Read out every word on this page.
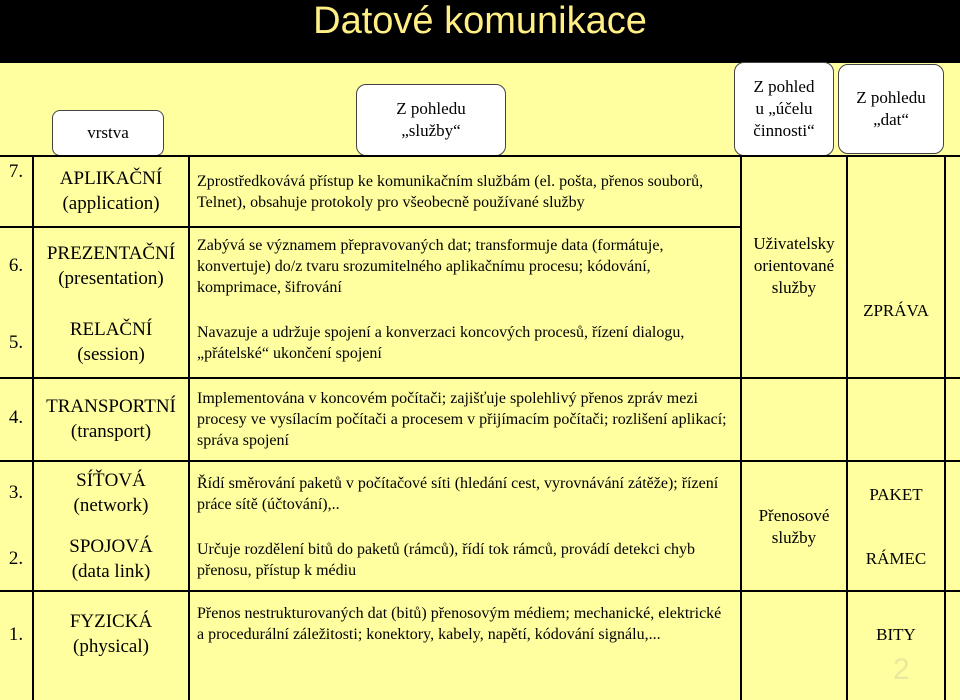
Datové komunikace
vrstva
Z pohledu
„služby“
Z pohled
u „účelu
činnosti“
Z pohledu
„dat“
7.	APLIKAČNÍ
(application)
Zprostředkovává přístup ke komunikačním službám (el. pošta, přenos souborů, Telnet), obsahuje protokoly pro všeobecně používané služby
6.
PREZENTAČNÍ
(presentation)
Zabývá se významem přepravovaných dat; transformuje data (formátuje, konvertuje) do/z tvaru srozumitelného aplikačnímu procesu; kódování, komprimace, šifrování
5.
RELAČNÍ
(session)
Navazuje a udržuje spojení a konverzaci koncových procesů, řízení dialogu, „přátelské“ ukončení spojení
4.
TRANSPORTNÍ
(transport)
Implementována v koncovém počítači; zajišťuje spolehlivý přenos zpráv mezi procesy ve vysílacím počítači a procesem v přijímacím počítači; rozlišení aplikací; správa spojení
3.
SÍŤOVÁ
(network)
Řídí směrování paketů v počítačové síti (hledání cest, vyrovnávání zátěže); řízení práce sítě (účtování),..
2.
SPOJOVÁ
(data link)
Určuje rozdělení bitů do paketů (rámců), řídí tok rámců, provádí detekci chyb přenosu, přístup k médiu
1.
FYZICKÁ
(physical)
Přenos nestrukturovaných dat (bitů) přenosovým médiem; mechanické, elektrické a procedurální záležitosti; konektory, kabely, napětí, kódování signálu,...
Uživatelsky
orientované
služby
Přenosové
služby
ZPRÁVA
PAKET
RÁMEC
BITY
2
